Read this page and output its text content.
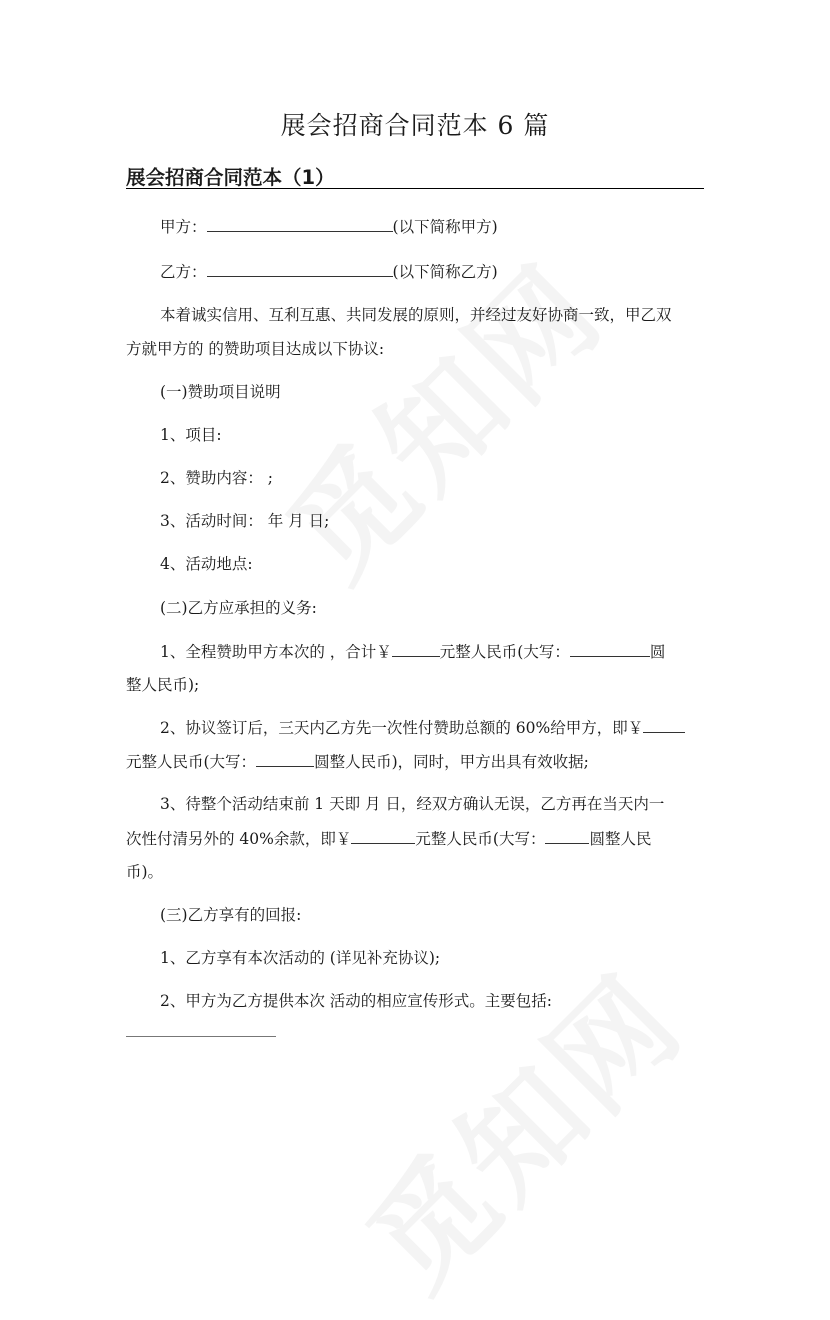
展会招商合同范本 6 篇
展会招商合同范本（1）
甲方：	(以下简称甲方)
乙方：	(以下简称乙方)
本着诚实信用、互利互惠、共同发展的原则，并经过友好协商一致，甲乙双
方就甲方的 的赞助项目达成以下协议:
(一)赞助项目说明
1、项目:
2、赞助内容： ;
3、活动时间： 年 月 日;
4、活动地点:
(二)乙方应承担的义务:
1、全程赞助甲方本次的 ，合计￥	元整人民币(大写：	圆
整人民币);
2、协议签订后，三天内乙方先一次性付赞助总额的 60%给甲方，即￥
元整人民币(大写：	圆整人民币)，同时，甲方出具有效收据;
3、待整个活动结束前 1 天即 月 日，经双方确认无误，乙方再在当天内一
次性付清另外的 40%余款，即￥	元整人民币(大写：	圆整人民
币)。
(三)乙方享有的回报:
1、乙方享有本次活动的 (详见补充协议);
2、甲方为乙方提供本次 活动的相应宣传形式。主要包括:
